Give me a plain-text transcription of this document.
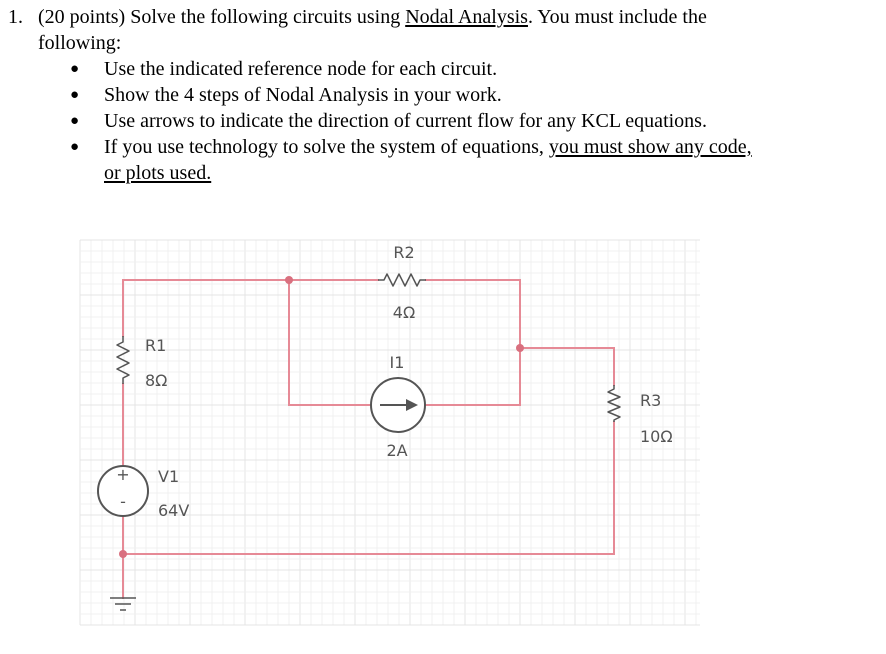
1. (20 points) Solve the following circuits using Nodal Analysis. You must include the
following:
● Use the indicated reference node for each circuit.
● Show the 4 steps of Nodal Analysis in your work.
● Use arrows to indicate the direction of current flow for any KCL equations.
● If you use technology to solve the system of equations, you must show any code,
or plots used.
+
-
R2
4Ω
I1
2A
R1
8Ω
R3
10Ω
V1
64V
